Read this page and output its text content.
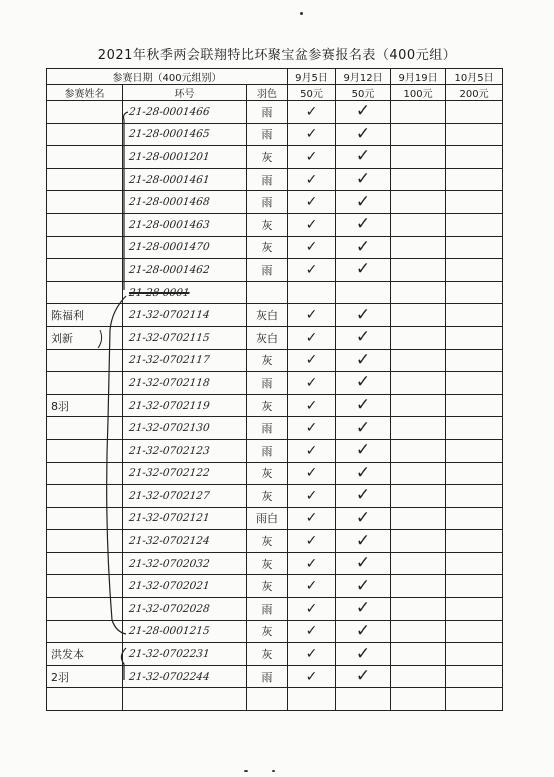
2021年秋季两会联翔特比环聚宝盆参赛报名表（400元组）
参赛日期（400元组别）			9月5日	9月12日	9月19日	10月5日
参赛姓名	环号	羽色	50元	50元	100元	200元
	21-28-0001466	雨	✓	✓		
	21-28-0001465	雨	✓	✓		
	21-28-0001201	灰	✓	✓		
	21-28-0001461	雨	✓	✓		
	21-28-0001468	雨	✓	✓		
	21-28-0001463	灰	✓	✓		
	21-28-0001470	灰	✓	✓		
	21-28-0001462	雨	✓	✓		
	21-28-0001					
陈福利	21-32-0702114	灰白	✓	✓		
刘新	21-32-0702115	灰白	✓	✓		
	21-32-0702117	灰	✓	✓		
	21-32-0702118	雨	✓	✓		
8羽	21-32-0702119	灰	✓	✓		
	21-32-0702130	雨	✓	✓		
	21-32-0702123	雨	✓	✓		
	21-32-0702122	灰	✓	✓		
	21-32-0702127	灰	✓	✓		
	21-32-0702121	雨白	✓	✓		
	21-32-0702124	灰	✓	✓		
	21-32-0702032	灰	✓	✓		
	21-32-0702021	灰	✓	✓		
	21-32-0702028	雨	✓	✓		
	21-28-0001215	灰	✓	✓		
洪发本	21-32-0702231	灰	✓	✓		
2羽	21-32-0702244	雨	✓	✓		
